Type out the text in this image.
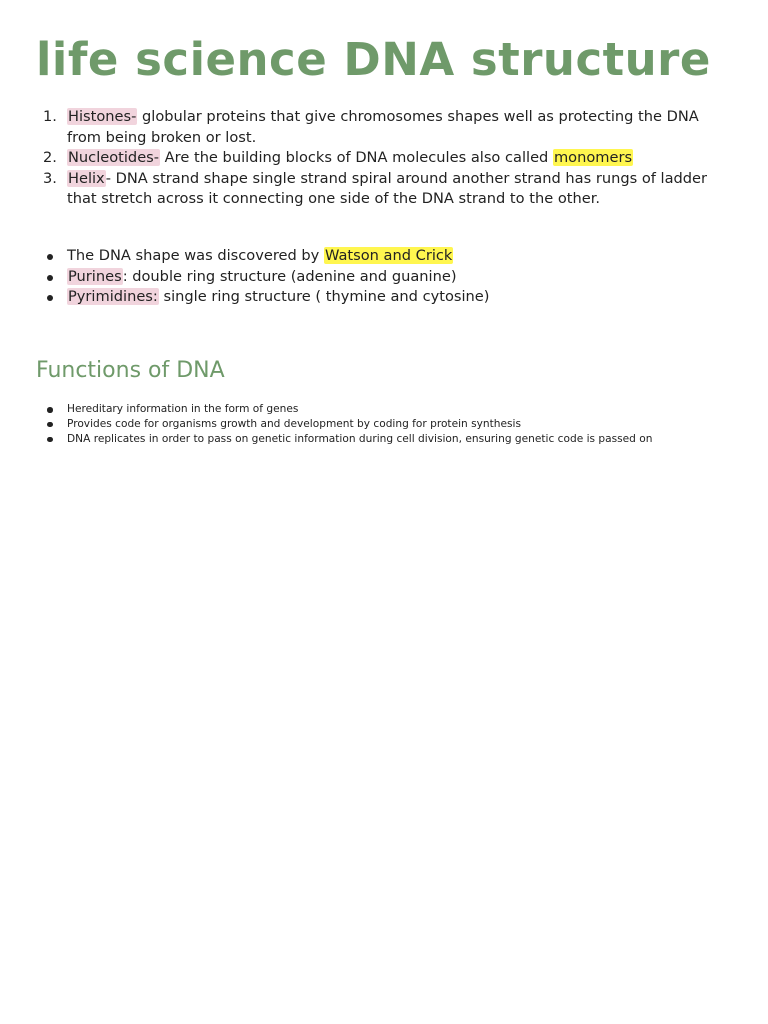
life science DNA structure
1. Histones- globular proteins that give chromosomes shapes well as protecting the DNA from being broken or lost.
2. Nucleotides- Are the building blocks of DNA molecules also called monomers
3. Helix- DNA strand shape single strand spiral around another strand has rungs of ladder that stretch across it connecting one side of the DNA strand to the other.
The DNA shape was discovered by Watson and Crick
Purines: double ring structure (adenine and guanine)
Pyrimidines: single ring structure ( thymine and cytosine)
Functions of DNA
Hereditary information in the form of genes
Provides code for organisms growth and development by coding for protein synthesis
DNA replicates in order to pass on genetic information during cell division, ensuring genetic code is passed on
